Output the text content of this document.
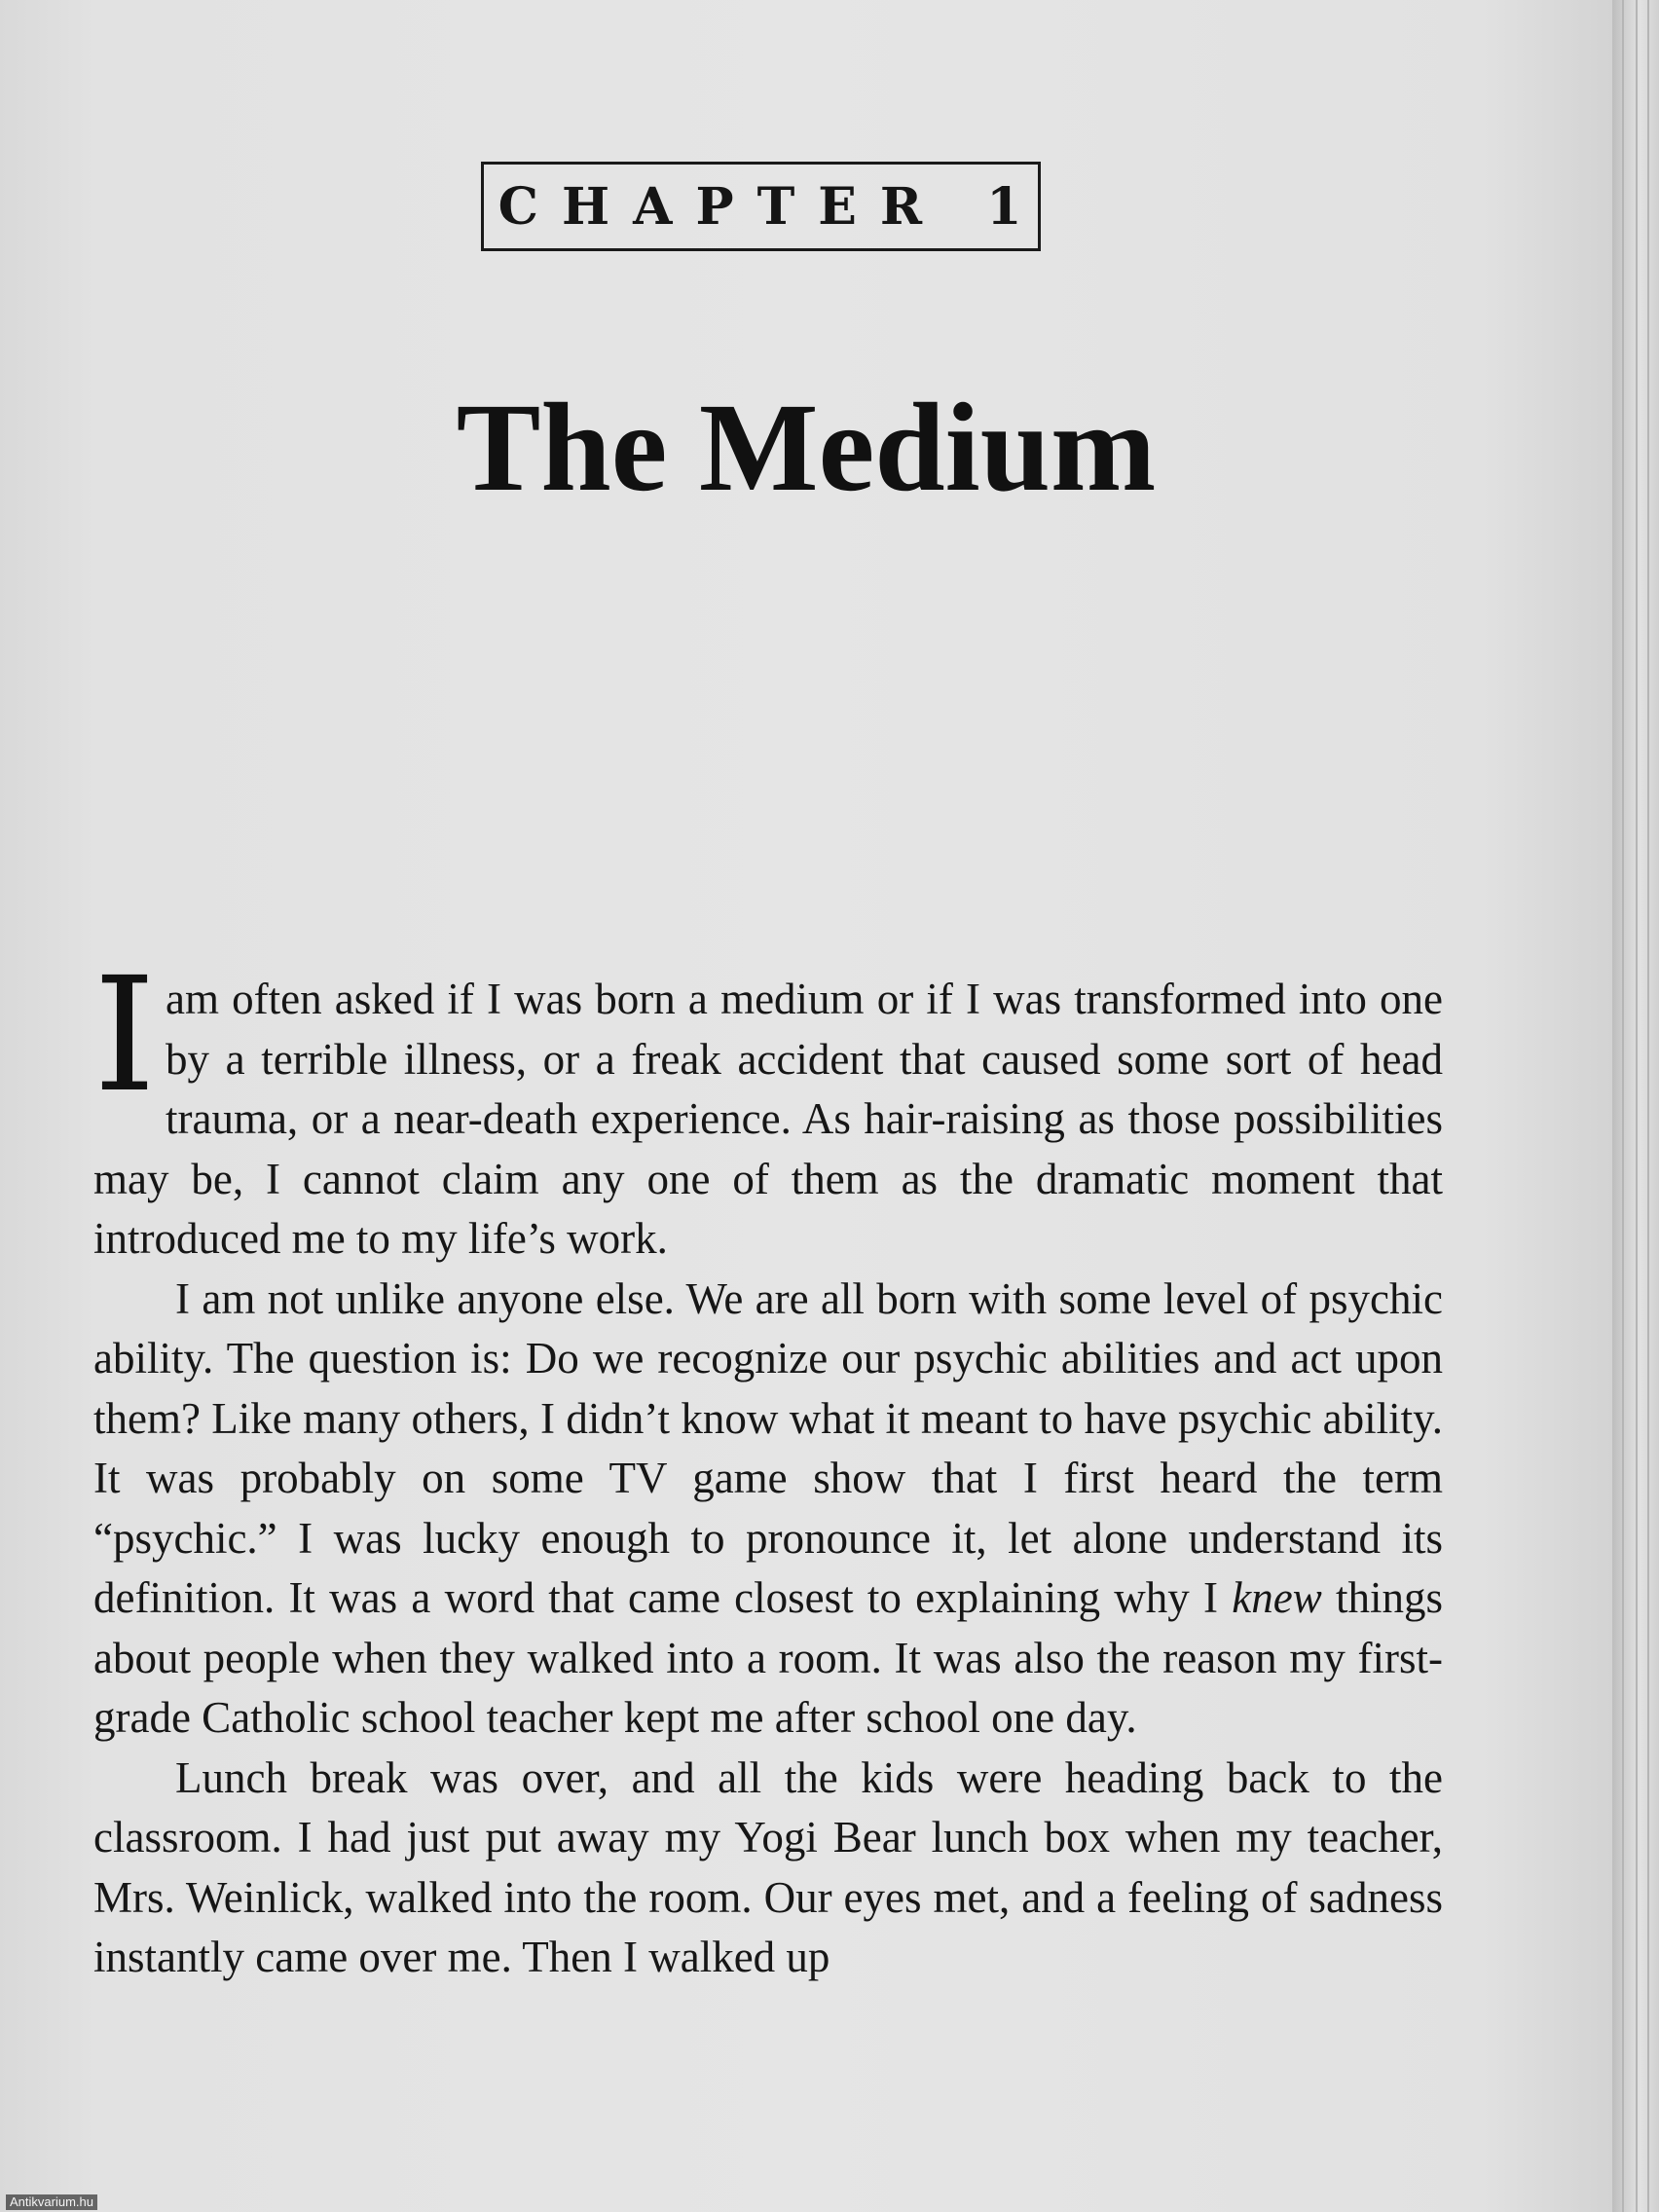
CHAPTER 1
The Medium

Iam often asked if I was born a medium or if I was transformed into one by a terrible illness, or a freak accident that caused some sort of head trauma, or a near-death experience. As hair-raising as those possibilities may be, I cannot claim any one of them as the dramatic moment that introduced me to my life’s work.

I am not unlike anyone else. We are all born with some level of psychic ability. The question is: Do we recognize our psychic abilities and act upon them? Like many others, I didn’t know what it meant to have psychic ability. It was probably on some TV game show that I first heard the term “psychic.” I was lucky enough to pronounce it, let alone understand its definition. It was a word that came closest to explaining why I knew things about people when they walked into a room. It was also the reason my first-grade Catholic school teacher kept me after school one day.

Lunch break was over, and all the kids were heading back to the classroom. I had just put away my Yogi Bear lunch box when my teacher, Mrs. Weinlick, walked into the room. Our eyes met, and a feeling of sadness instantly came over me. Then I walked up

Antikvarium.hu
